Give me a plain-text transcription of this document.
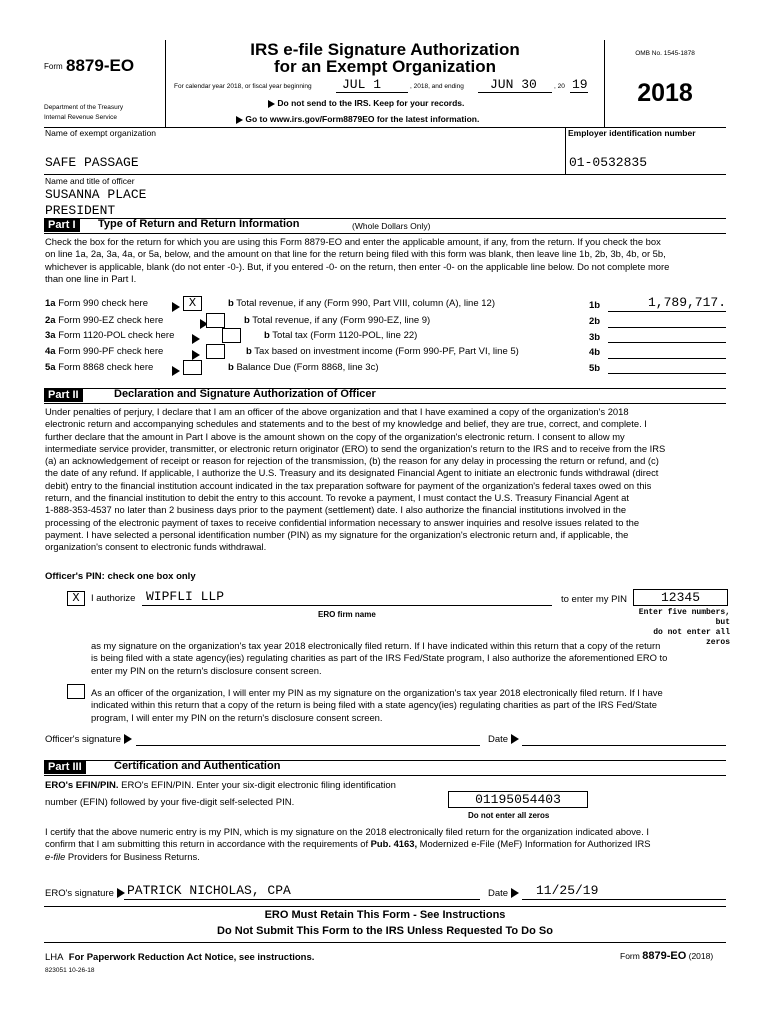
Form 8879-EO
Department of the Treasury
Internal Revenue Service
IRS e-file Signature Authorization
for an Exempt Organization
For calendar year 2018, or fiscal year beginning JUL 1	, 2018, and ending JUN 30	, 20 19
Do not send to the IRS. Keep for your records.
Go to www.irs.gov/Form8879EO for the latest information.
OMB No. 1545-1878
2018
Name of exempt organization
SAFE PASSAGE
Employer identification number
01-0532835
Name and title of officer
SUSANNA PLACE
PRESIDENT
Part I	Type of Return and Return Information	(Whole Dollars Only)
Check the box for the return for which you are using this Form 8879-EO and enter the applicable amount, if any, from the return. If you check the box
on line 1a, 2a, 3a, 4a, or 5a, below, and the amount on that line for the return being filed with this form was blank, then leave line 1b, 2b, 3b, 4b, or 5b,
whichever is applicable, blank (do not enter -0-). But, if you entered -0- on the return, then enter -0- on the applicable line below. Do not complete more
than one line in Part I.
1a Form 990 check here	X	b Total revenue, if any (Form 990, Part VIII, column (A), line 12)	1b	1,789,717.
2a Form 990-EZ check here	b Total revenue, if any (Form 990-EZ, line 9)	2b
3a Form 1120-POL check here	b Total tax (Form 1120-POL, line 22)	3b
4a Form 990-PF check here	b Tax based on investment income (Form 990-PF, Part VI, line 5)	4b
5a Form 8868 check here	b Balance Due (Form 8868, line 3c)	5b
Part II	Declaration and Signature Authorization of Officer
Under penalties of perjury, I declare that I am an officer of the above organization and that I have examined a copy of the organization's 2018
electronic return and accompanying schedules and statements and to the best of my knowledge and belief, they are true, correct, and complete. I
further declare that the amount in Part I above is the amount shown on the copy of the organization's electronic return. I consent to allow my
intermediate service provider, transmitter, or electronic return originator (ERO) to send the organization's return to the IRS and to receive from the IRS
(a) an acknowledgement of receipt or reason for rejection of the transmission, (b) the reason for any delay in processing the return or refund, and (c)
the date of any refund. If applicable, I authorize the U.S. Treasury and its designated Financial Agent to initiate an electronic funds withdrawal (direct
debit) entry to the financial institution account indicated in the tax preparation software for payment of the organization's federal taxes owed on this
return, and the financial institution to debit the entry to this account. To revoke a payment, I must contact the U.S. Treasury Financial Agent at
1-888-353-4537 no later than 2 business days prior to the payment (settlement) date. I also authorize the financial institutions involved in the
processing of the electronic payment of taxes to receive confidential information necessary to answer inquiries and resolve issues related to the
payment. I have selected a personal identification number (PIN) as my signature for the organization's electronic return and, if applicable, the
organization's consent to electronic funds withdrawal.
Officer's PIN: check one box only
X	I authorize WIPFLI LLP	to enter my PIN	12345
ERO firm name	Enter five numbers, but
do not enter all zeros
as my signature on the organization's tax year 2018 electronically filed return. If I have indicated within this return that a copy of the return
is being filed with a state agency(ies) regulating charities as part of the IRS Fed/State program, I also authorize the aforementioned ERO to
enter my PIN on the return's disclosure consent screen.
As an officer of the organization, I will enter my PIN as my signature on the organization's tax year 2018 electronically filed return. If I have
indicated within this return that a copy of the return is being filed with a state agency(ies) regulating charities as part of the IRS Fed/State
program, I will enter my PIN on the return's disclosure consent screen.
Officer's signature	Date
Part III	Certification and Authentication
ERO's EFIN/PIN. ERO's EFIN/PIN. Enter your six-digit electronic filing identification
number (EFIN) followed by your five-digit self-selected PIN.	01195054403
Do not enter all zeros
I certify that the above numeric entry is my PIN, which is my signature on the 2018 electronically filed return for the organization indicated above. I
confirm that I am submitting this return in accordance with the requirements of Pub. 4163, Modernized e-File (MeF) Information for Authorized IRS
e-file Providers for Business Returns.
ERO's signature	PATRICK NICHOLAS, CPA	Date	11/25/19
ERO Must Retain This Form - See Instructions
Do Not Submit This Form to the IRS Unless Requested To Do So
LHA For Paperwork Reduction Act Notice, see instructions.	Form 8879-EO (2018)
823051 10-26-18
